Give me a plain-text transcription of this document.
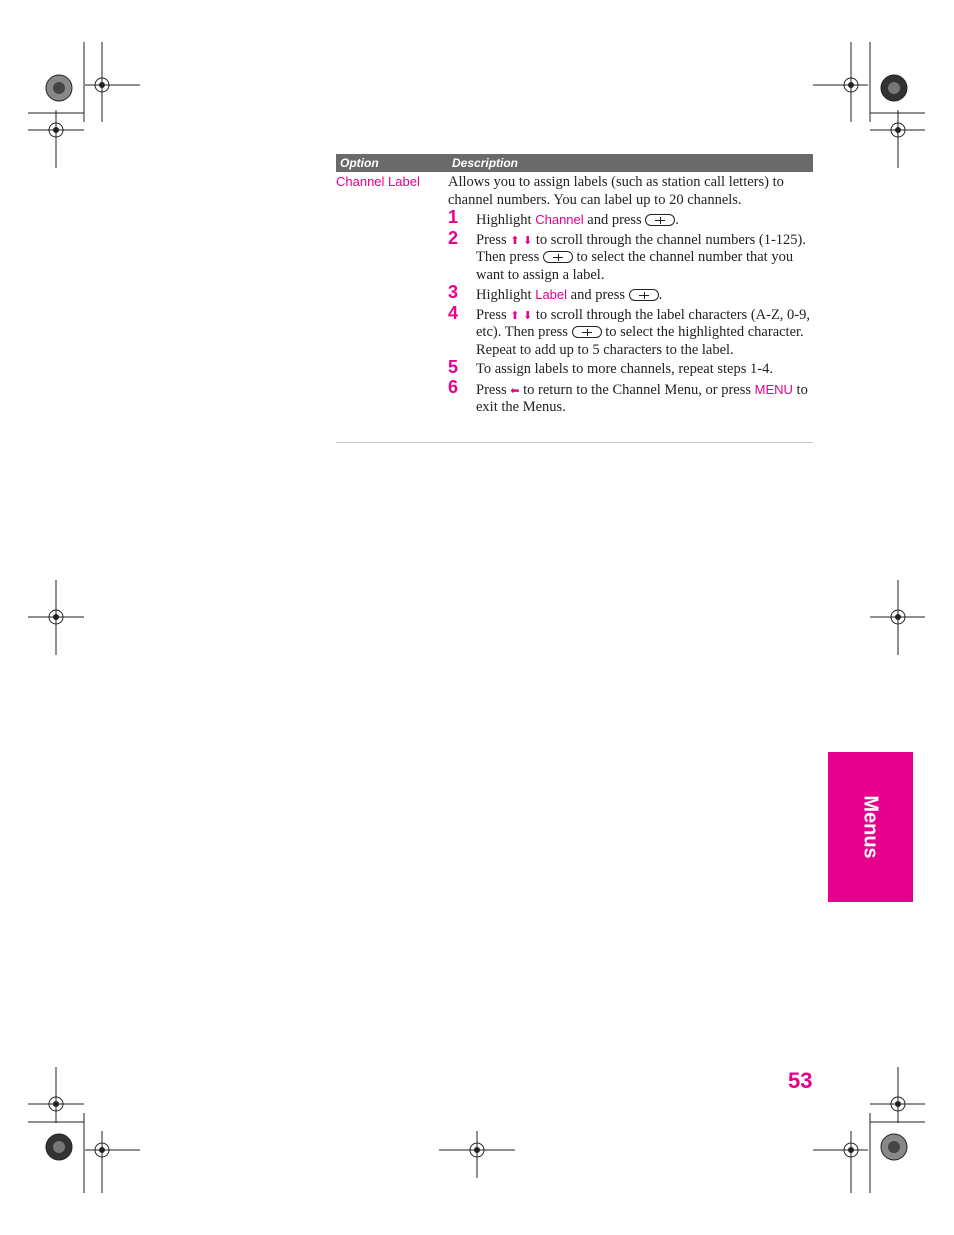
Option	Description
Channel Label Allows you to assign labels (such as station call letters) to channel numbers. You can label up to 20 channels.

1 Highlight Channel and press .
2 Press ⬆ ⬇ to scroll through the channel numbers (1-125). Then press  to select the channel number that you want to assign a label.
3 Highlight Label and press .
4 Press ⬆ ⬇ to scroll through the label characters (A-Z, 0-9, etc). Then press  to select the highlighted character.

Repeat to add up to 5 characters to the label.

5 To assign labels to more channels, repeat steps 1-4.
6 Press ⬅ to return to the Channel Menu, or press MENU to exit the Menus.
Menus
53
